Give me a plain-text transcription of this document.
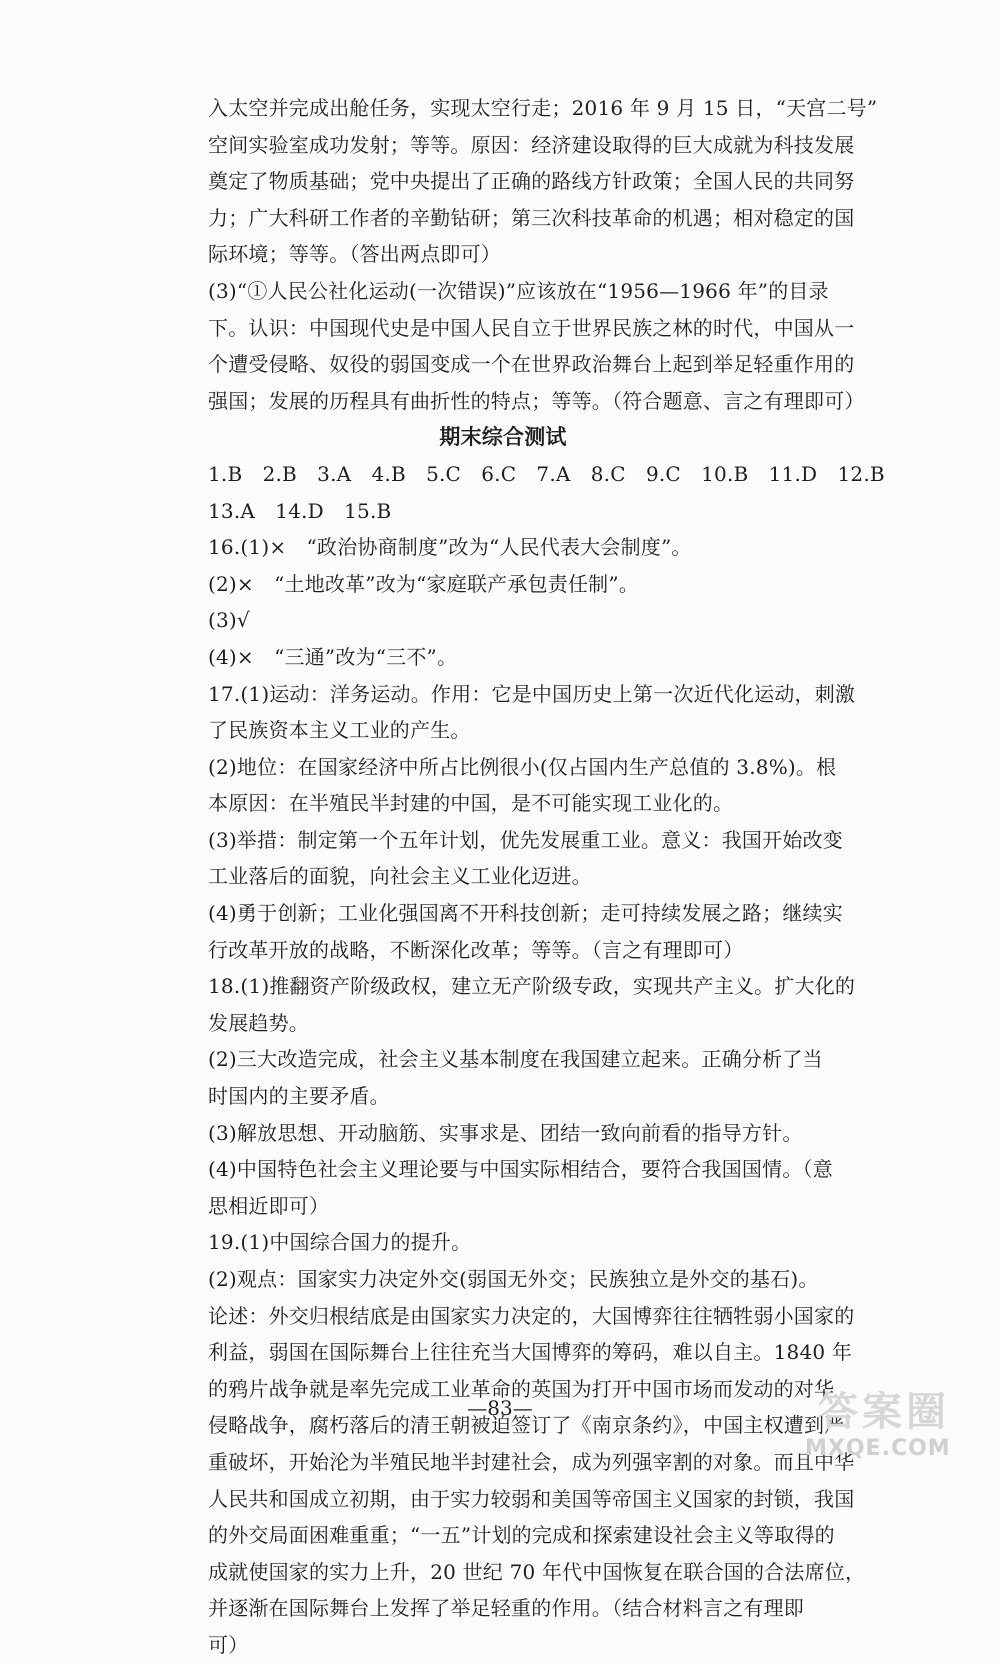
入太空并完成出舱任务，实现太空行走；2016 年 9 月 15 日，“天宫二号”
空间实验室成功发射；等等。原因：经济建设取得的巨大成就为科技发展
奠定了物质基础；党中央提出了正确的路线方针政策；全国人民的共同努
力；广大科研工作者的辛勤钻研；第三次科技革命的机遇；相对稳定的国
际环境；等等。（答出两点即可）
(3)“①人民公社化运动(一次错误)”应该放在“1956—1966 年”的目录
下。认识：中国现代史是中国人民自立于世界民族之林的时代，中国从一
个遭受侵略、奴役的弱国变成一个在世界政治舞台上起到举足轻重作用的
强国；发展的历程具有曲折性的特点；等等。（符合题意、言之有理即可）
期末综合测试
1.B　2.B　3.A　4.B　5.C　6.C　7.A　8.C　9.C　10.B　11.D　12.B
13.A　14.D　15.B
16.(1)×　“政治协商制度”改为“人民代表大会制度”。
(2)×　“土地改革”改为“家庭联产承包责任制”。
(3)√
(4)×　“三通”改为“三不”。
17.(1)运动：洋务运动。作用：它是中国历史上第一次近代化运动，刺激
了民族资本主义工业的产生。
(2)地位：在国家经济中所占比例很小(仅占国内生产总值的 3.8%)。根
本原因：在半殖民半封建的中国，是不可能实现工业化的。
(3)举措：制定第一个五年计划，优先发展重工业。意义：我国开始改变
工业落后的面貌，向社会主义工业化迈进。
(4)勇于创新；工业化强国离不开科技创新；走可持续发展之路；继续实
行改革开放的战略，不断深化改革；等等。（言之有理即可）
18.(1)推翻资产阶级政权，建立无产阶级专政，实现共产主义。扩大化的
发展趋势。
(2)三大改造完成，社会主义基本制度在我国建立起来。正确分析了当
时国内的主要矛盾。
(3)解放思想、开动脑筋、实事求是、团结一致向前看的指导方针。
(4)中国特色社会主义理论要与中国实际相结合，要符合我国国情。（意
思相近即可）
19.(1)中国综合国力的提升。
(2)观点：国家实力决定外交(弱国无外交；民族独立是外交的基石)。
论述：外交归根结底是由国家实力决定的，大国博弈往往牺牲弱小国家的
利益，弱国在国际舞台上往往充当大国博弈的筹码，难以自主。1840 年
的鸦片战争就是率先完成工业革命的英国为打开中国市场而发动的对华
侵略战争，腐朽落后的清王朝被迫签订了《南京条约》，中国主权遭到严
重破坏，开始沦为半殖民地半封建社会，成为列强宰割的对象。而且中华
人民共和国成立初期，由于实力较弱和美国等帝国主义国家的封锁，我国
的外交局面困难重重；“一五”计划的完成和探索建设社会主义等取得的
成就使国家的实力上升，20 世纪 70 年代中国恢复在联合国的合法席位，
并逐渐在国际舞台上发挥了举足轻重的作用。（结合材料言之有理即
可）
—83—	答案圈
MXQE.COM
